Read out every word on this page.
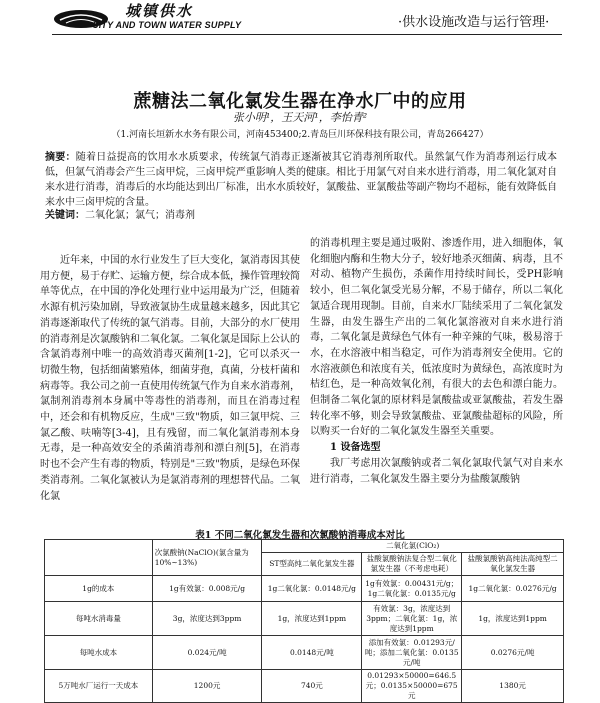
城镇供水
CITY AND TOWN WATER SUPPLY	·供水设施改造与运行管理·
蔗糖法二氧化氯发生器在净水厂中的应用
张小明¹，王天河¹，李怡青²
（1.河南长垣新水水务有限公司，河南453400;2.青岛巨川环保科技有限公司，青岛266427）
摘要：随着日益提高的饮用水水质要求，传统氯气消毒正逐渐被其它消毒剂所取代。虽然氯气作为消毒剂运行成本低，但氯气消毒会产生三卤甲烷，三卤甲烷严重影响人类的健康。相比于用氯气对自来水进行消毒，用二氧化氯对自来水进行消毒，消毒后的水均能达到出厂标准，出水水质较好，氯酸盐、亚氯酸盐等副产物均不超标，能有效降低自来水中三卤甲烷的含量。
关键词：二氧化氯；氯气；消毒剂
近年来，中国的水行业发生了巨大变化，氯消毒因其使用方便，易于存贮、运输方便，综合成本低，操作管理较简单等优点，在中国的净化处理行业中运用最为广泛，但随着水源有机污染加剧，导致液氯协生成量越来越多，因此其它消毒逐渐取代了传统的氯气消毒。目前，大部分的水厂使用的消毒剂是次氯酸钠和二氧化氯。二氧化氯是国际上公认的含氯消毒剂中唯一的高效消毒灭菌剂[1-2]，它可以杀灭一切微生物，包括细菌繁殖体，细菌芽孢，真菌，分枝杆菌和病毒等。我公司之前一直使用传统氯气作为自来水消毒剂，氯制剂消毒剂本身属中等毒性的消毒剂，而且在消毒过程中，还会和有机物反应，生成"三致"物质，如三氯甲烷、三氯乙酸、呋喃等[3-4]，且有残留，而二氧化氯消毒剂本身无毒，是一种高效安全的杀菌消毒剂和漂白剂[5]，在消毒时也不会产生有毒的物质，特别是"三致"物质，是绿色环保类消毒剂。二氧化氯被认为是氯消毒剂的理想替代品。二氧化氯
的消毒机理主要是通过吸附、渗透作用，进入细胞体，氧化细胞内酶和生物大分子，较好地杀灭细菌、病毒，且不对动、植物产生损伤，杀菌作用持续时间长，受PH影响较小，但二氧化氯受光易分解，不易于储存，所以二氧化氯适合现用现制。目前，自来水厂陆续采用了二氧化氯发生器，由发生器生产出的二氧化氯溶液对自来水进行消毒，二氧化氯是黄绿色气体有一种辛辣的气味，极易溶于水，在水溶液中相当稳定，可作为消毒剂安全使用。它的水溶液颜色和浓度有关，低浓度时为黄绿色，高浓度时为桔红色，是一种高效氧化剂，有很大的去色和漂白能力。但制备二氧化氯的原材料是氯酸盐或亚氯酸盐，若发生器转化率不够，则会导致氯酸盐、亚氯酸盐超标的风险，所以购买一台好的二氧化氯发生器至关重要。
1 设备选型
我厂考虑用次氯酸钠或者二氧化氯取代氯气对自来水进行消毒，二氧化氯发生器主要分为盐酸氯酸钠
表1 不同二氧化氯发生器和次氯酸钠消毒成本对比
	次氯酸钠(NaClO)(氯含量为10%~13%)	二氧化氯(ClO₂)		
		ST型高纯二氧化氯发生器	盐酸氯酸钠法复合型二氧化氯发生器（不考虑电耗）	盐酸氯酸钠高纯法高纯型二氧化氯发生器
1g的成本	1g有效氯：0.008元/g	1g二氧化氯：0.0148元/g	1g有效氯：0.00431元/g；1g二氧化氯：0.0135元/g	1g二氧化氯：0.0276元/g
每吨水消毒量	3g，浓度达到3ppm	1g，浓度达到1ppm	有效氯：3g，浓度达到3ppm；二氧化氯：1g，浓度达到1ppm	1g，浓度达到1ppm
每吨水成本	0.024元/吨	0.0148元/吨	添加有效氯：0.01293元/吨；添加二氧化氯：0.0135元/吨	0.0276元/吨
5万吨水厂运行一天成本	1200元	740元	0.01293×50000=646.5元；0.0135×50000=675元	1380元
